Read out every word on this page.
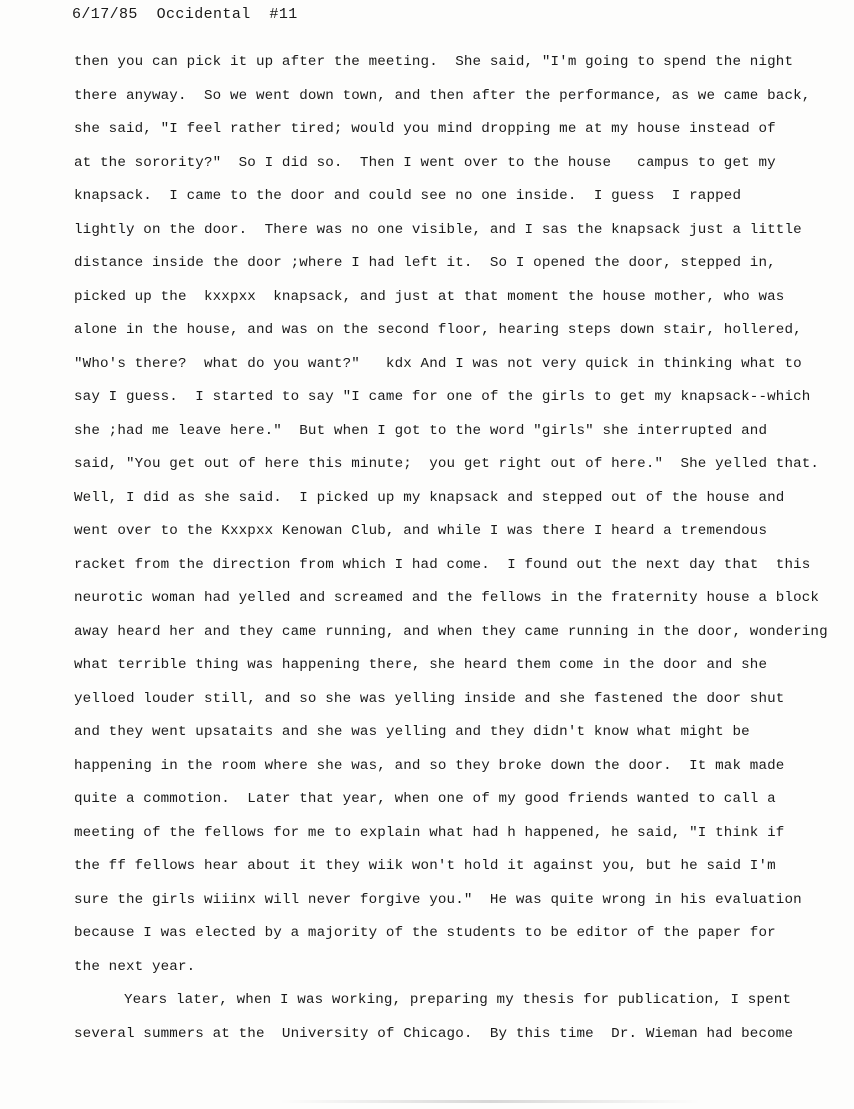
6/17/85  Occidental  #11
then you can pick it up after the meeting.  She said, "I'm going to spend the night
there anyway.  So we went down town, and then after the performance, as we came back,
she said, "I feel rather tired; would you mind dropping me at my house instead of
at the sorority?"  So I did so.  Then I went over to the house   campus to get my
knapsack.  I came to the door and could see no one inside.  I guess  I rapped
lightly on the door.  There was no one visible, and I sas the knapsack just a little
distance inside the door ;where I had left it.  So I opened the door, stepped in,
picked up the  kxxpxx  knapsack, and just at that moment the house mother, who was
alone in the house, and was on the second floor, hearing steps down stair, hollered,
"Who's there?  what do you want?"   kdx And I was not very quick in thinking what to
say I guess.  I started to say "I came for one of the girls to get my knapsack--which
she ;had me leave here."  But when I got to the word "girls" she interrupted and
said, "You get out of here this minute;  you get right out of here."  She yelled that.
Well, I did as she said.  I picked up my knapsack and stepped out of the house and
went over to the Kxxpxx Kenowan Club, and while I was there I heard a tremendous
racket from the direction from which I had come.  I found out the next day that  this
neurotic woman had yelled and screamed and the fellows in the fraternity house a block
away heard her and they came running, and when they came running in the door, wondering
what terrible thing was happening there, she heard them come in the door and she
yelloed louder still, and so she was yelling inside and she fastened the door shut
and they went upsataits and she was yelling and they didn't know what might be
happening in the room where she was, and so they broke down the door.  It mak made
quite a commotion.  Later that year, when one of my good friends wanted to call a
meeting of the fellows for me to explain what had h happened, he said, "I think if
the ff fellows hear about it they wiik won't hold it against you, but he said I'm
sure the girls wiiinx will never forgive you."  He was quite wrong in his evaluation
because I was elected by a majority of the students to be editor of the paper for
the next year.
Years later, when I was working, preparing my thesis for publication, I spent
several summers at the  University of Chicago.  By this time  Dr. Wieman had become
